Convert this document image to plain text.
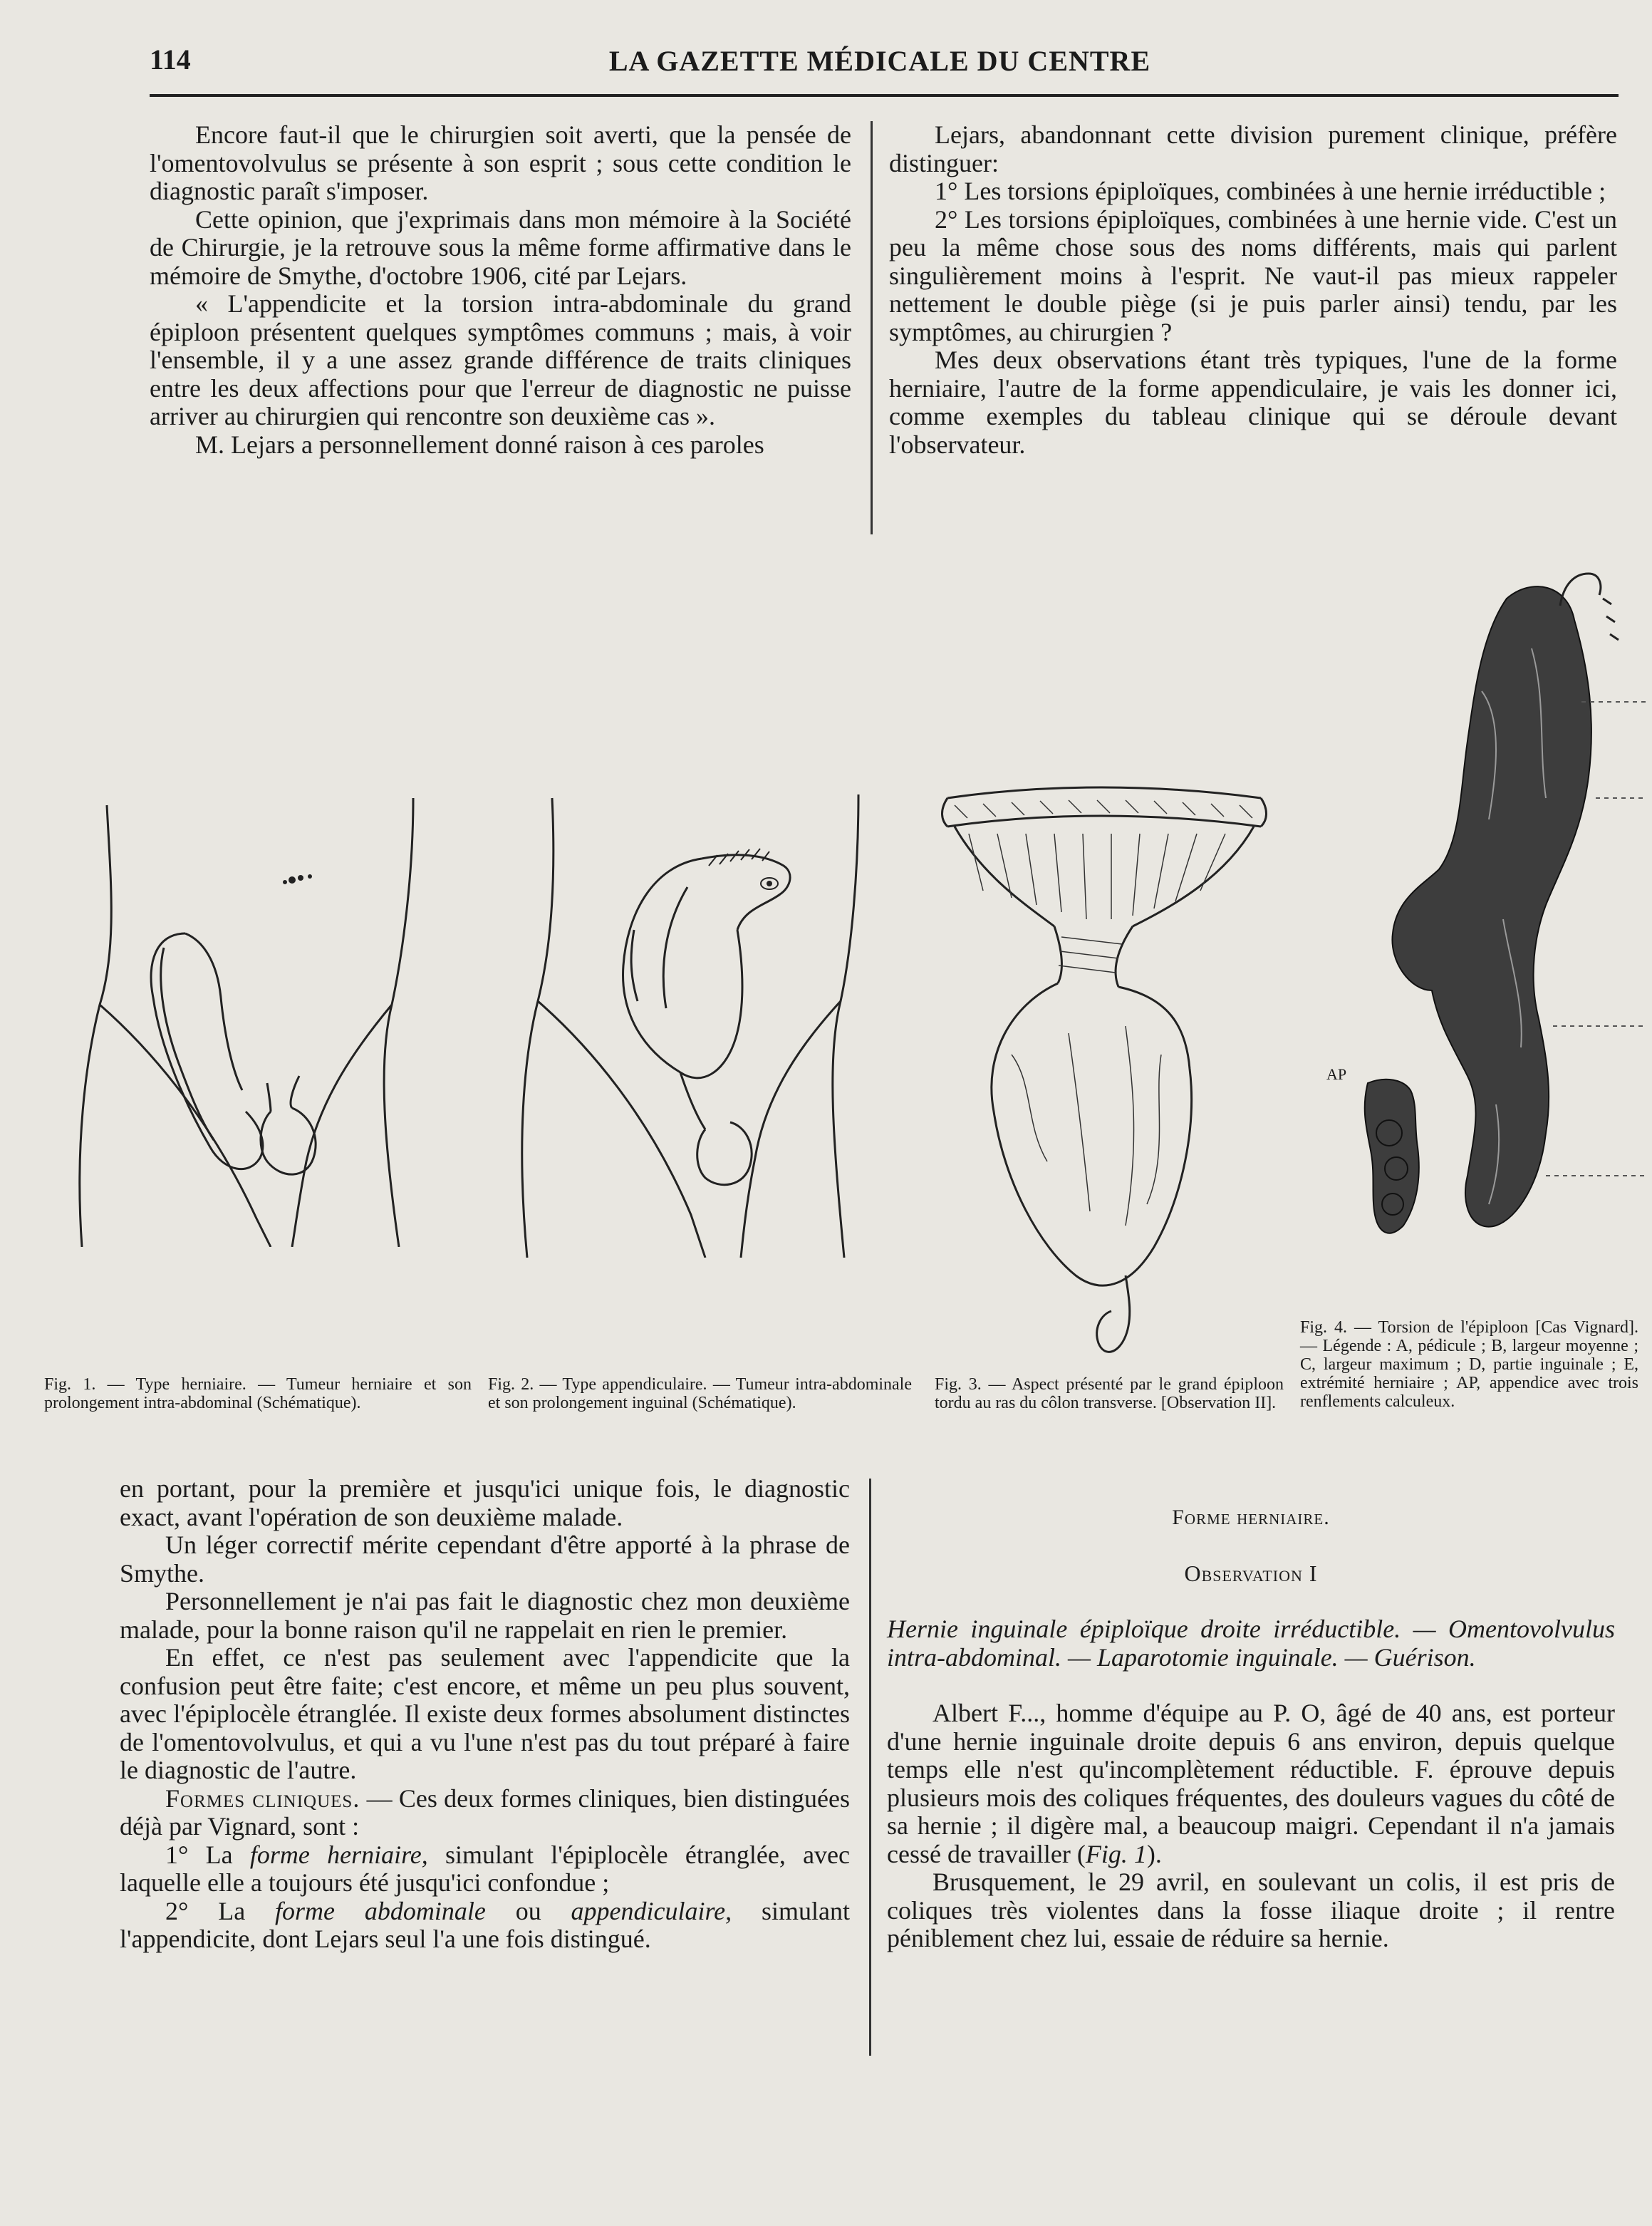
114	LA GAZETTE MÉDICALE DU CENTRE

Encore faut-il que le chirurgien soit averti, que la pensée de l'omentovolvulus se présente à son esprit ; sous cette condition le diagnostic paraît s'imposer.

Cette opinion, que j'exprimais dans mon mémoire à la Société de Chirurgie, je la retrouve sous la même forme affirmative dans le mémoire de Smythe, d'octobre 1906, cité par Lejars.

« L'appendicite et la torsion intra-abdominale du grand épiploon présentent quelques symptômes communs ; mais, à voir l'ensemble, il y a une assez grande différence de traits cliniques entre les deux affections pour que l'erreur de diagnostic ne puisse arriver au chirurgien qui rencontre son deuxième cas ».

M. Lejars a personnellement donné raison à ces paroles

Lejars, abandonnant cette division purement clinique, préfère distinguer:

1° Les torsions épiploïques, combinées à une hernie irréductible ;

2° Les torsions épiploïques, combinées à une hernie vide. C'est un peu la même chose sous des noms différents, mais qui parlent singulièrement moins à l'esprit. Ne vaut-il pas mieux rappeler nettement le double piège (si je puis parler ainsi) tendu, par les symptômes, au chirurgien ?

Mes deux observations étant très typiques, l'une de la forme herniaire, l'autre de la forme appendiculaire, je vais les donner ici, comme exemples du tableau clinique qui se déroule devant l'observateur.

AP
Fig. 1. — Type herniaire. — Tumeur herniaire et son prolongement intra-abdominal (Schématique).
Fig. 2. — Type appendiculaire. — Tumeur intra-abdominale et son prolongement inguinal (Schématique).
Fig. 3. — Aspect présenté par le grand épiploon tordu au ras du côlon transverse. [Observation II].
Fig. 4. — Torsion de l'épiploon [Cas Vignard]. — Légende : A, pédicule ; B, largeur moyenne ; C, largeur maximum ; D, partie inguinale ; E, extrémité herniaire ; AP, appendice avec trois renflements calculeux.

en portant, pour la première et jusqu'ici unique fois, le diagnostic exact, avant l'opération de son deuxième malade.

Un léger correctif mérite cependant d'être apporté à la phrase de Smythe.

Personnellement je n'ai pas fait le diagnostic chez mon deuxième malade, pour la bonne raison qu'il ne rappelait en rien le premier.

En effet, ce n'est pas seulement avec l'appendicite que la confusion peut être faite; c'est encore, et même un peu plus souvent, avec l'épiplocèle étranglée. Il existe deux formes absolument distinctes de l'omentovolvulus, et qui a vu l'une n'est pas du tout préparé à faire le diagnostic de l'autre.

Formes cliniques. — Ces deux formes cliniques, bien distinguées déjà par Vignard, sont :

1° La forme herniaire, simulant l'épiplocèle étranglée, avec laquelle elle a toujours été jusqu'ici confondue ;

2° La forme abdominale ou appendiculaire, simulant l'appendicite, dont Lejars seul l'a une fois distingué.

Forme herniaire.

Observation I

Hernie inguinale épiploïque droite irréductible. — Omentovolvulus intra-abdominal. — Laparotomie inguinale. — Guérison.

Albert F..., homme d'équipe au P. O, âgé de 40 ans, est porteur d'une hernie inguinale droite depuis 6 ans environ, depuis quelque temps elle n'est qu'incomplètement réductible. F. éprouve depuis plusieurs mois des coliques fréquentes, des douleurs vagues du côté de sa hernie ; il digère mal, a beaucoup maigri. Cependant il n'a jamais cessé de travailler (Fig. 1).

Brusquement, le 29 avril, en soulevant un colis, il est pris de coliques très violentes dans la fosse iliaque droite ; il rentre péniblement chez lui, essaie de réduire sa hernie.
